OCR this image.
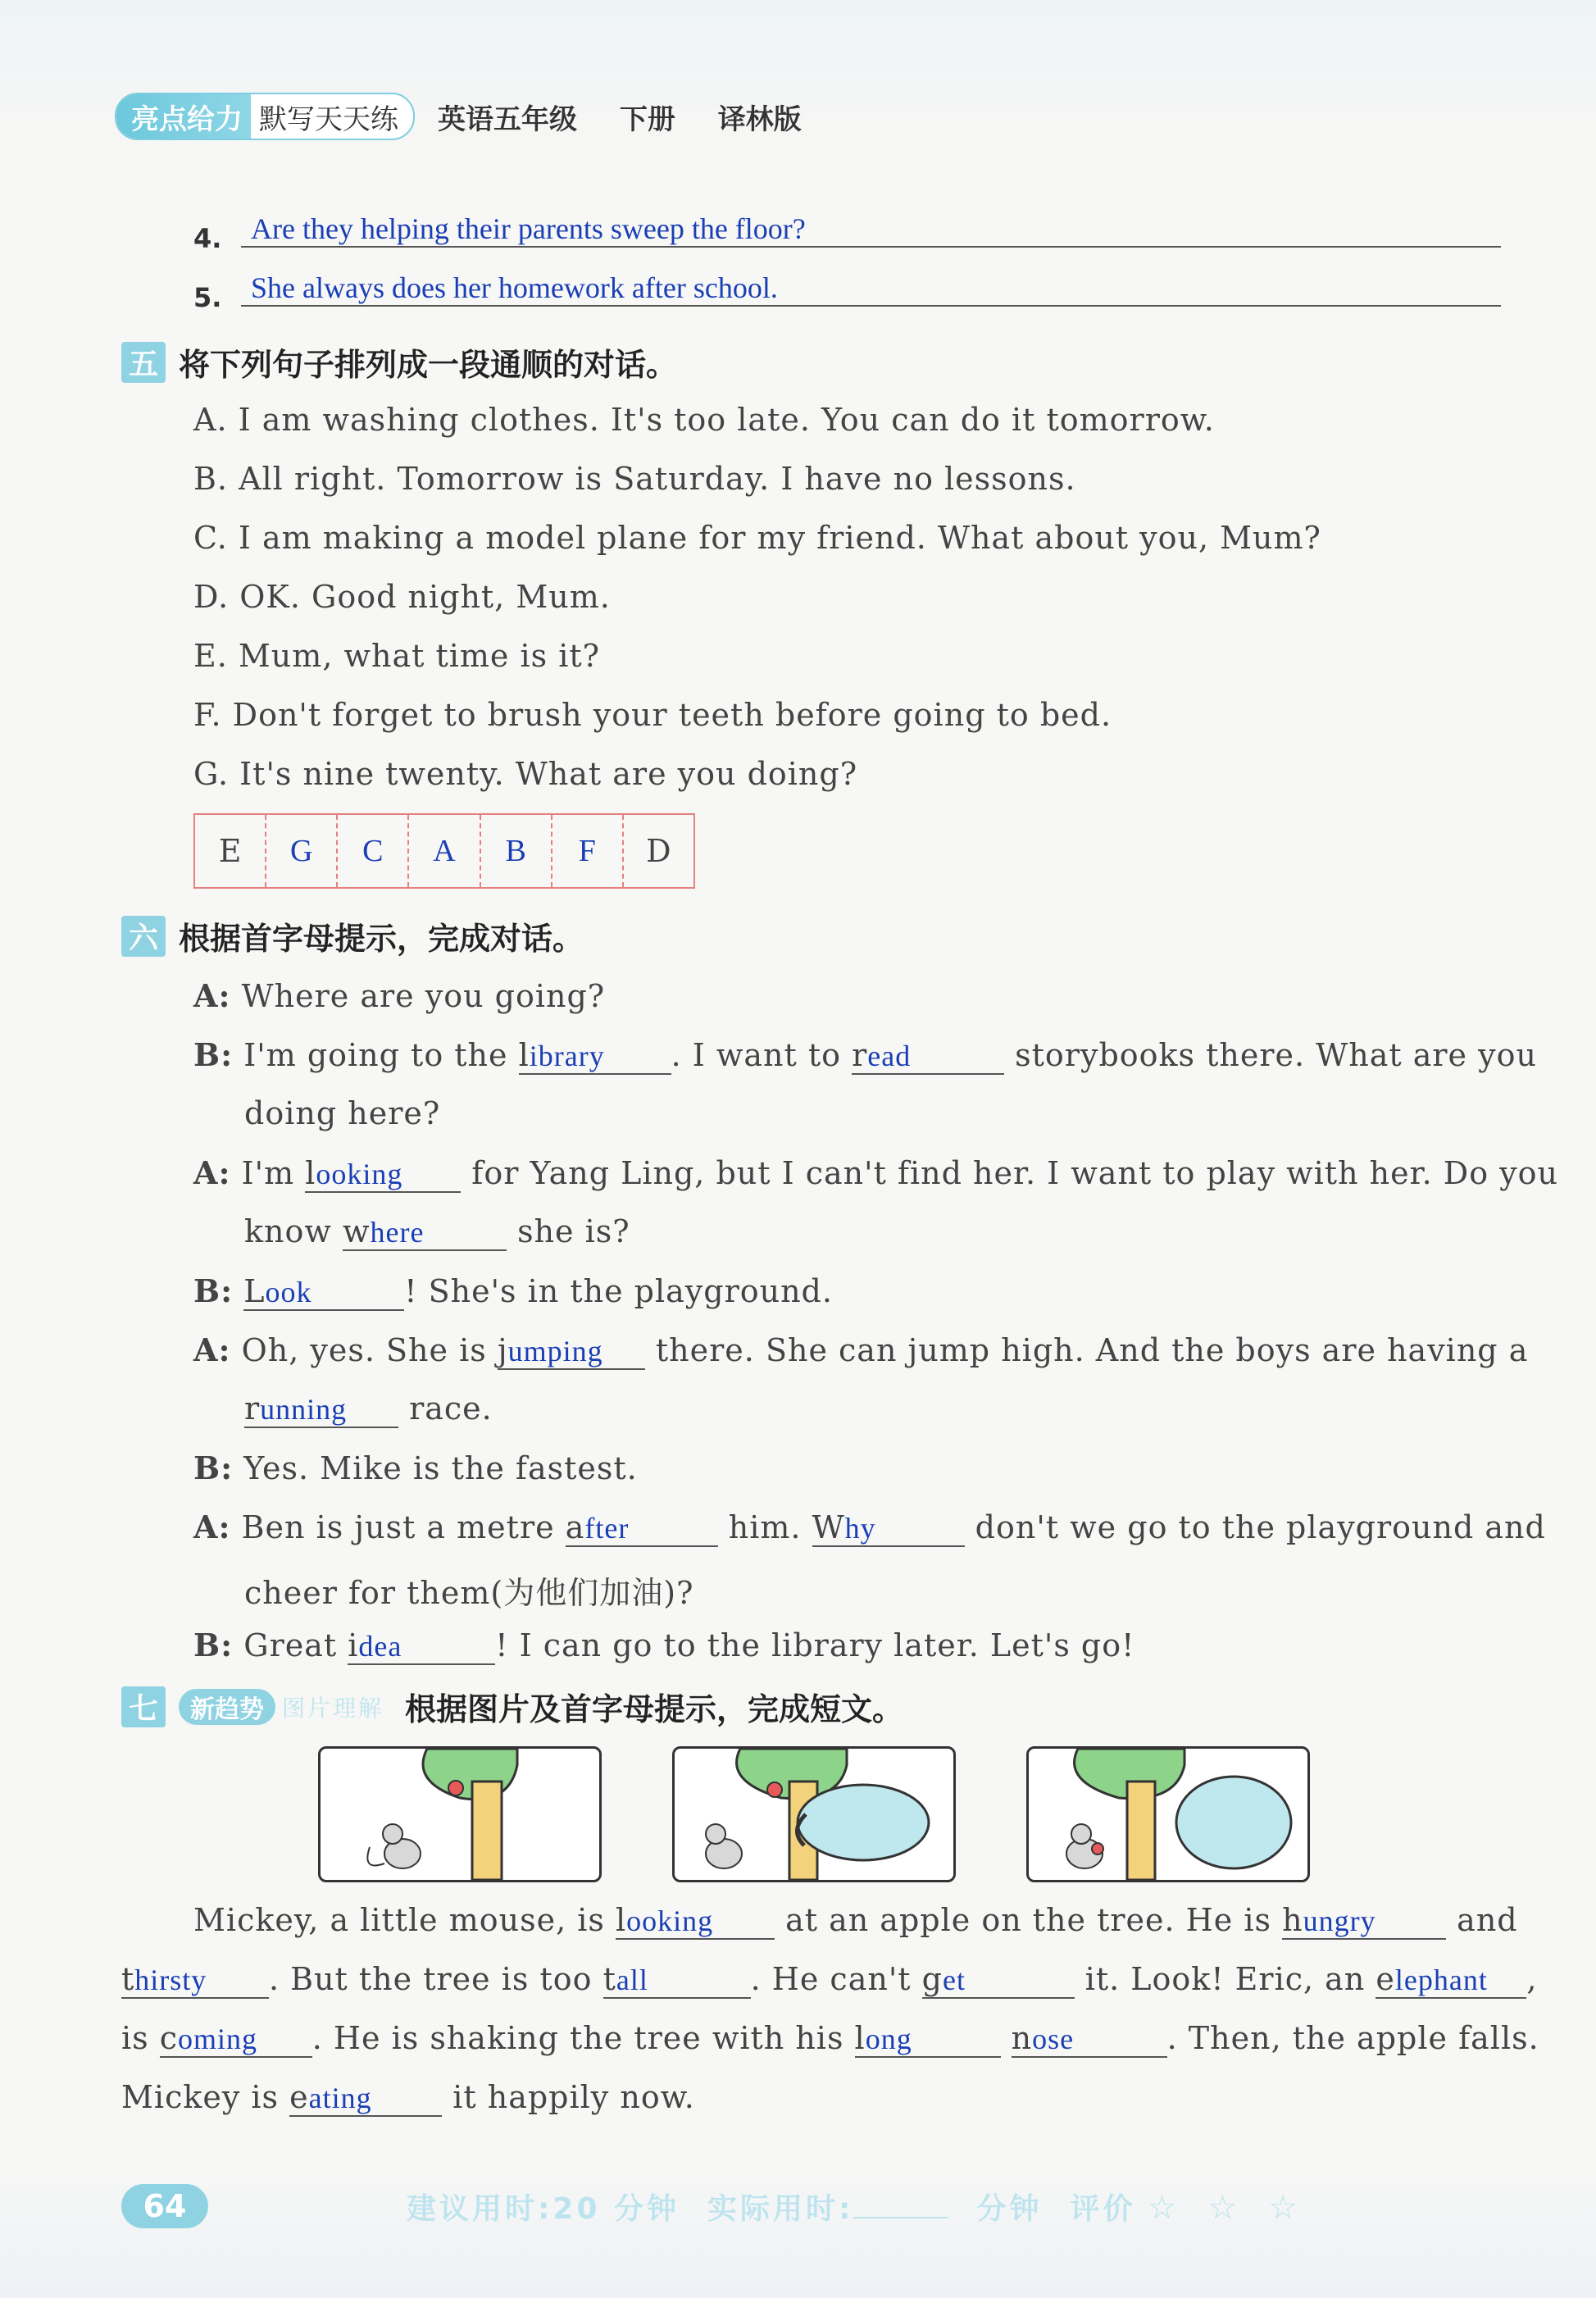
亮点给力 默写天天练	英语五年级 下册 译林版
4. Are they helping their parents sweep the floor?
5. She always does her homework after school.
五 将下列句子排列成一段通顺的对话。
A. I am washing clothes. It's too late. You can do it tomorrow.
B. All right. Tomorrow is Saturday. I have no lessons.
C. I am making a model plane for my friend. What about you, Mum?
D. OK. Good night, Mum.
E. Mum, what time is it?
F. Don't forget to brush your teeth before going to bed.
G. It's nine twenty. What are you doing?
E G C A B F D
六 根据首字母提示，完成对话。
A: Where are you going?
B: I'm going to the library . I want to read	storybooks there. What are you
doing here?
A: I'm looking for Yang Ling, but I can't find her. I want to play with her. Do you
know where	she is?
B: Look	! She's in the playground.
A: Oh, yes. She is jumping there. She can jump high. And the boys are having a
running race.
B: Yes. Mike is the fastest.
A: Ben is just a metre after	him. Why	don't we go to the playground and
cheer for them(为他们加油)?
B: Great idea	! I can go to the library later. Let's go!
七	新趋势 图片理解 根据图片及首字母提示，完成短文。
Mickey, a little mouse, is looking at an apple on the tree. He is hungry and
thirsty . But the tree is too tall	. He can't get	it. Look! Eric, an elephant ,
is coming . He is shaking the tree with his long	nose	. Then, the apple falls.
Mickey is eating it happily now.
64	建议用时:20 分钟 实际用时:	分钟 评价 ☆ ☆ ☆
